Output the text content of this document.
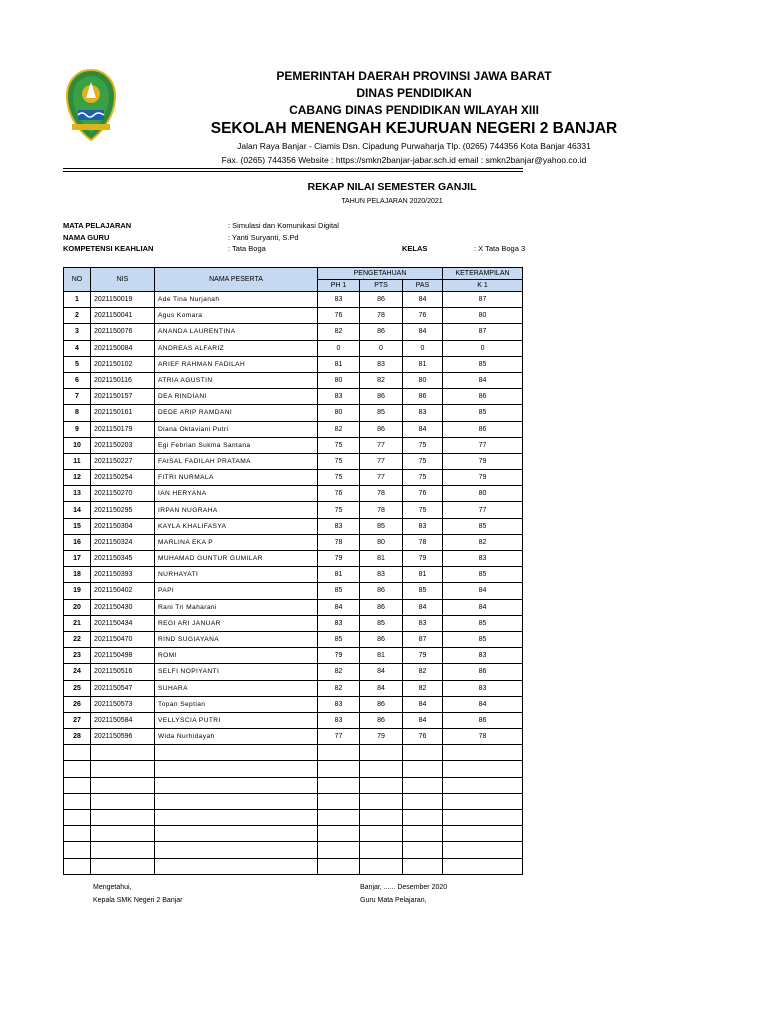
PEMERINTAH DAERAH PROVINSI JAWA BARAT
DINAS PENDIDIKAN
CABANG DINAS PENDIDIKAN WILAYAH XIII
SEKOLAH MENENGAH KEJURUAN NEGERI 2 BANJAR
Jalan Raya Banjar - Ciamis Dsn. Cipadung Purwaharja Tlp. (0265) 744356 Kota Banjar 46331
Fax. (0265) 744356 Website : https://smkn2banjar-jabar.sch.id email : smkn2banjar@yahoo.co.id
REKAP NILAI SEMESTER GANJIL
TAHUN PELAJARAN 2020/2021
MATA PELAJARAN	: Simulasi dan Komunikasi Digital
NAMA GURU	: Yanti Suryanti, S.Pd
KOMPETENSI KEAHLIAN	: Tata Boga	KELAS	: X Tata Boga 3
NO	NIS	NAMA PESERTA	PENGETAHUAN			KETERAMPILAN
			PH 1	PTS	PAS	K 1
1	2021150019	Ade Tina Nurjanah	83	86	84	87
2	2021150041	Agus Komara	76	78	76	80
3	2021150076	ANANDA LAURENTINA	82	86	84	87
4	2021150084	ANDREAS ALFARIZ	0	0	0	0
5	2021150102	ARIEF RAHMAN FADILAH	81	83	81	85
6	2021150116	ATRIA AGUSTIN	80	82	80	84
7	2021150157	DEA RINDIANI	83	86	86	86
8	2021150161	DEDE ARIP RAMDANI	80	85	83	85
9	2021150179	Diana Oktaviani Putri	82	86	84	86
10	2021150203	Egi Febrian Sukma Santana	75	77	75	77
11	2021150227	FAISAL FADILAH PRATAMA	75	77	75	79
12	2021150254	FITRI NURMALA	75	77	75	79
13	2021150270	IAN HERYANA	76	78	76	80
14	2021150295	IRPAN NUGRAHA	75	78	75	77
15	2021150304	KAYLA KHALIFASYA	83	85	83	85
16	2021150324	MARLINA EKA P	78	80	78	82
17	2021150345	MUHAMAD GUNTUR GUMILAR	79	81	79	83
18	2021150393	NURHAYATI	81	83	81	85
19	2021150402	PAPI	85	86	85	84
20	2021150430	Rani Tri Maharani	84	86	84	84
21	2021150434	REGI ARI JANUAR	83	85	83	85
22	2021150470	RIND SUGIAYANA	85	86	87	85
23	2021150498	ROMI	79	81	79	83
24	2021150516	SELFI NOPIYANTI	82	84	82	86
25	2021150547	SUHARA	82	84	82	83
26	2021150573	Topan Septian	83	86	84	84
27	2021150584	VELLYSCIA PUTRI	83	86	84	86
28	2021150596	Wida Nurhidayah	77	79	76	78

Mengetahui,
Kepala SMK Negeri 2 Banjar
Banjar, ...... Desember 2020
Guru Mata Pelajaran,
